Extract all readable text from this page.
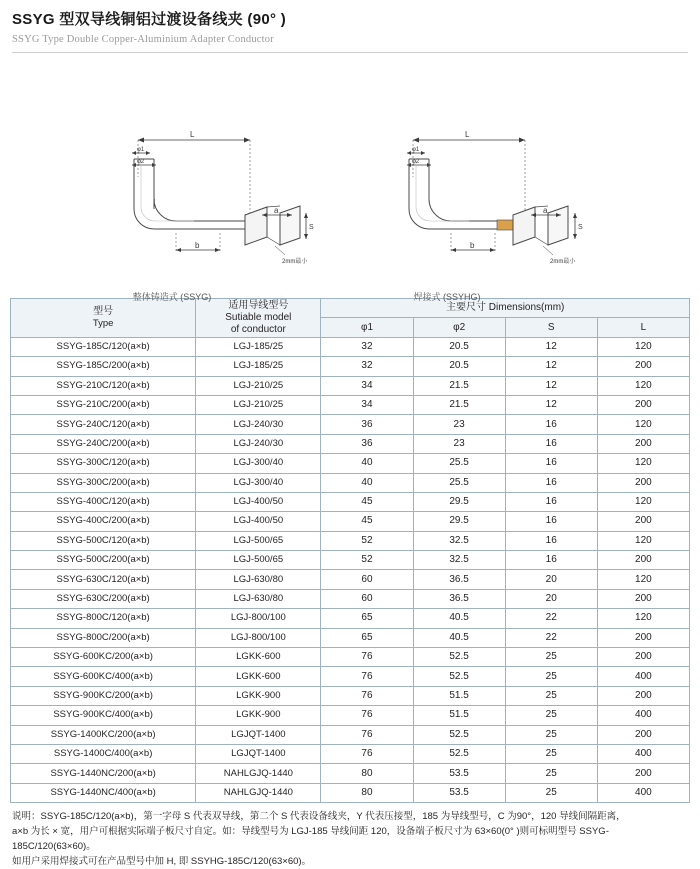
SSYG 型双导线铜铝过渡设备线夹 (90° )
SSYG Type Double Copper-Aluminium Adapter Conductor
L
φ1
φ2
b
a
S
2mm最小
整体铸造式 (SSYG)
L
φ1
φ2
b
a
S
2mm最小
焊接式 (SSYHG)
型号
Type

适用导线型号
Sutiable model
of conductor
	主要尺寸 Dimensions(mm)
		φ1	φ2	S	L
SSYG-185C/120(a×b)	LGJ-185/25	32	20.5	12	120
SSYG-185C/200(a×b)	LGJ-185/25	32	20.5	12	200
SSYG-210C/120(a×b)	LGJ-210/25	34	21.5	12	120
SSYG-210C/200(a×b)	LGJ-210/25	34	21.5	12	200
SSYG-240C/120(a×b)	LGJ-240/30	36	23	16	120
SSYG-240C/200(a×b)	LGJ-240/30	36	23	16	200
SSYG-300C/120(a×b)	LGJ-300/40	40	25.5	16	120
SSYG-300C/200(a×b)	LGJ-300/40	40	25.5	16	200
SSYG-400C/120(a×b)	LGJ-400/50	45	29.5	16	120
SSYG-400C/200(a×b)	LGJ-400/50	45	29.5	16	200
SSYG-500C/120(a×b)	LGJ-500/65	52	32.5	16	120
SSYG-500C/200(a×b)	LGJ-500/65	52	32.5	16	200
SSYG-630C/120(a×b)	LGJ-630/80	60	36.5	20	120
SSYG-630C/200(a×b)	LGJ-630/80	60	36.5	20	200
SSYG-800C/120(a×b)	LGJ-800/100	65	40.5	22	120
SSYG-800C/200(a×b)	LGJ-800/100	65	40.5	22	200
SSYG-600KC/200(a×b)	LGKK-600	76	52.5	25	200
SSYG-600KC/400(a×b)	LGKK-600	76	52.5	25	400
SSYG-900KC/200(a×b)	LGKK-900	76	51.5	25	200
SSYG-900KC/400(a×b)	LGKK-900	76	51.5	25	400
SSYG-1400KC/200(a×b)	LGJQT-1400	76	52.5	25	200
SSYG-1400C/400(a×b)	LGJQT-1400	76	52.5	25	400
SSYG-1440NC/200(a×b)	NAHLGJQ-1440	80	53.5	25	200
SSYG-1440NC/400(a×b)	NAHLGJQ-1440	80	53.5	25	400

说明：SSYG-185C/120(a×b)，第一字母 S 代表双导线，第二个 S 代表设备线夹，Y 代表压接型，185 为导线型号，C 为90°，120 导线间隔距离，

a×b 为长 × 宽，用户可根据实际端子板尺寸自定。如：导线型号为 LGJ-185 导线间距 120，设备端子板尺寸为 63×60(0° )则可标明型号 SSYG-

185C/120(63×60)。

如用户采用焊接式可在产品型号中加 H, 即 SSYHG-185C/120(63×60)。
